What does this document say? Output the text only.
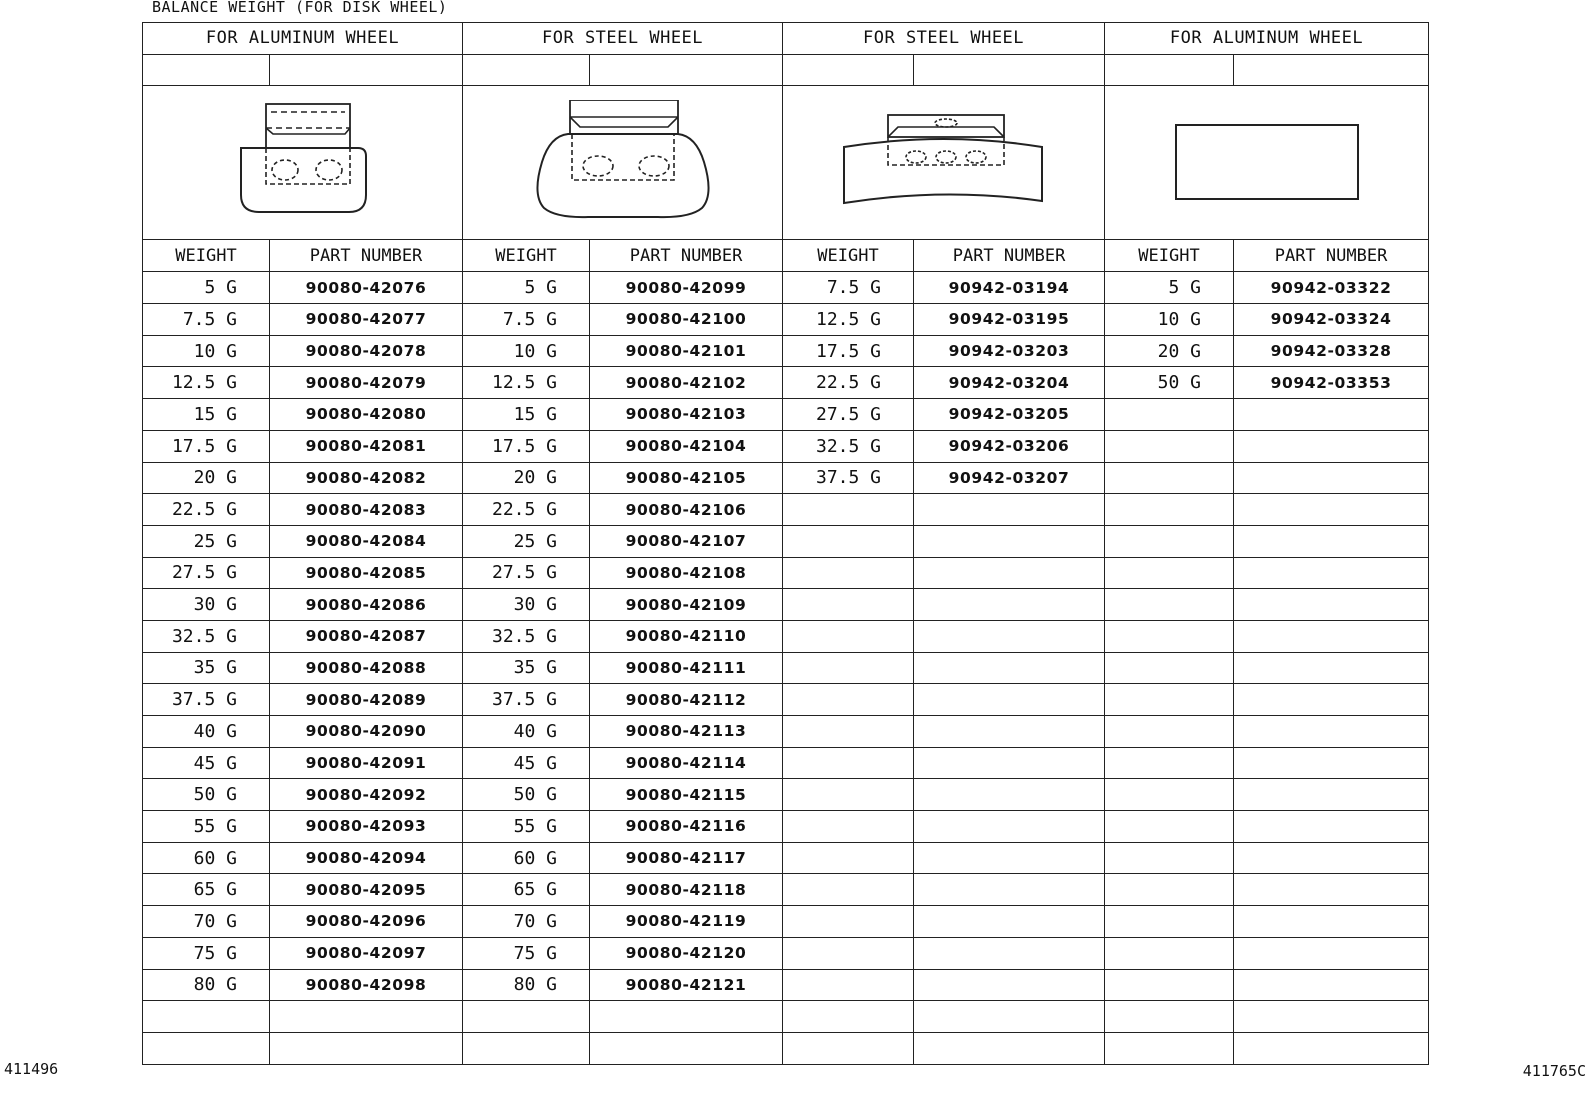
BALANCE WEIGHT (FOR DISK WHEEL)
FOR ALUMINUM WHEEL		FOR STEEL WHEEL		FOR STEEL WHEEL		FOR ALUMINUM WHEEL	

WEIGHT	PART NUMBER	WEIGHT	PART NUMBER	WEIGHT	PART NUMBER	WEIGHT	PART NUMBER
5 G	90080-42076	5 G	90080-42099	7.5 G	90942-03194	5 G	90942-03322
7.5 G	90080-42077	7.5 G	90080-42100	12.5 G	90942-03195	10 G	90942-03324
10 G	90080-42078	10 G	90080-42101	17.5 G	90942-03203	20 G	90942-03328
12.5 G	90080-42079	12.5 G	90080-42102	22.5 G	90942-03204	50 G	90942-03353
15 G	90080-42080	15 G	90080-42103	27.5 G	90942-03205		
17.5 G	90080-42081	17.5 G	90080-42104	32.5 G	90942-03206		
20 G	90080-42082	20 G	90080-42105	37.5 G	90942-03207		
22.5 G	90080-42083	22.5 G	90080-42106				
25 G	90080-42084	25 G	90080-42107				
27.5 G	90080-42085	27.5 G	90080-42108				
30 G	90080-42086	30 G	90080-42109				
32.5 G	90080-42087	32.5 G	90080-42110				
35 G	90080-42088	35 G	90080-42111				
37.5 G	90080-42089	37.5 G	90080-42112				
40 G	90080-42090	40 G	90080-42113				
45 G	90080-42091	45 G	90080-42114				
50 G	90080-42092	50 G	90080-42115				
55 G	90080-42093	55 G	90080-42116				
60 G	90080-42094	60 G	90080-42117				
65 G	90080-42095	65 G	90080-42118				
70 G	90080-42096	70 G	90080-42119				
75 G	90080-42097	75 G	90080-42120				
80 G	90080-42098	80 G	90080-42121				

411496	411765C
